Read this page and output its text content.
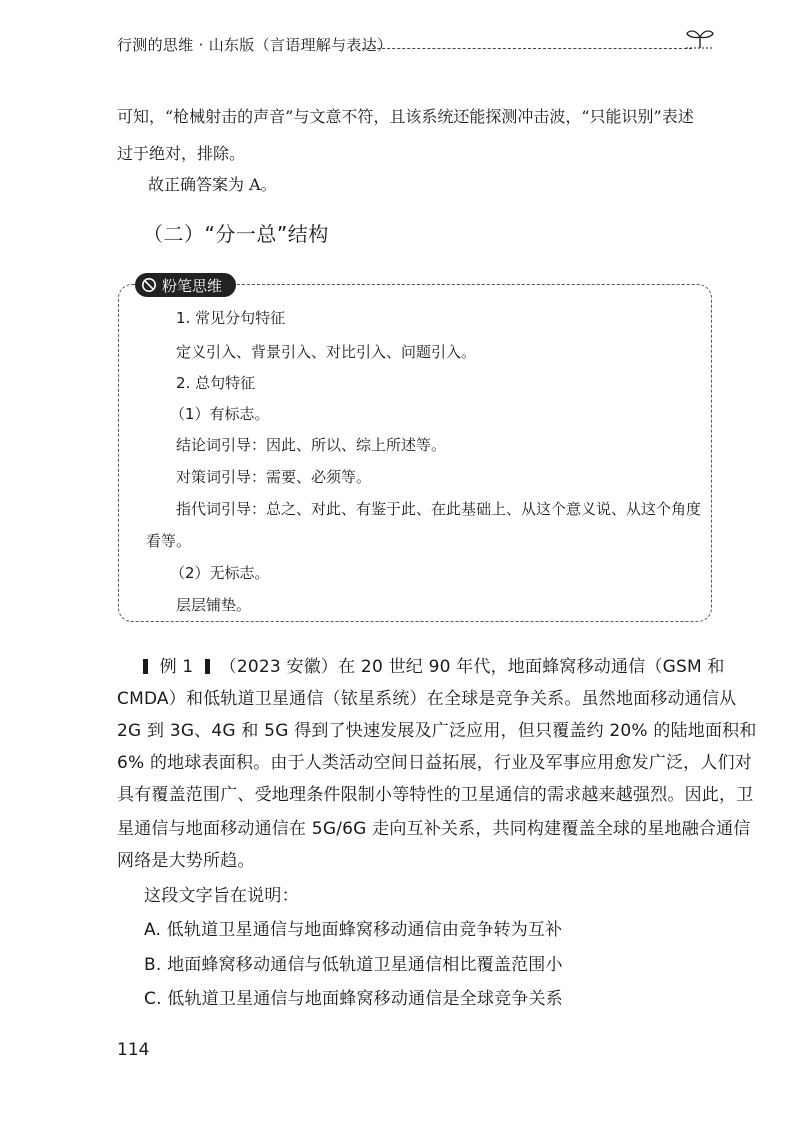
行测的思维 · 山东版（言语理解与表达）
可知，“枪械射击的声音”与文意不符，且该系统还能探测冲击波，“只能识别”表述
过于绝对，排除。
故正确答案为 A。
（二）“分一总”结构
粉笔思维
1. 常见分句特征
定义引入、背景引入、对比引入、问题引入。
2. 总句特征
（1）有标志。
结论词引导：因此、所以、综上所述等。
对策词引导：需要、必须等。
指代词引导：总之、对此、有鉴于此、在此基础上、从这个意义说、从这个角度
看等。
（2）无标志。
层层铺垫。
例 1 （2023 安徽）在 20 世纪 90 年代，地面蜂窝移动通信（GSM 和
CMDA）和低轨道卫星通信（铱星系统）在全球是竞争关系。虽然地面移动通信从
2G 到 3G、4G 和 5G 得到了快速发展及广泛应用，但只覆盖约 20% 的陆地面积和
6% 的地球表面积。由于人类活动空间日益拓展，行业及军事应用愈发广泛，人们对
具有覆盖范围广、受地理条件限制小等特性的卫星通信的需求越来越强烈。因此，卫
星通信与地面移动通信在 5G/6G 走向互补关系，共同构建覆盖全球的星地融合通信
网络是大势所趋。
这段文字旨在说明：
A. 低轨道卫星通信与地面蜂窝移动通信由竞争转为互补
B. 地面蜂窝移动通信与低轨道卫星通信相比覆盖范围小
C. 低轨道卫星通信与地面蜂窝移动通信是全球竞争关系
114
